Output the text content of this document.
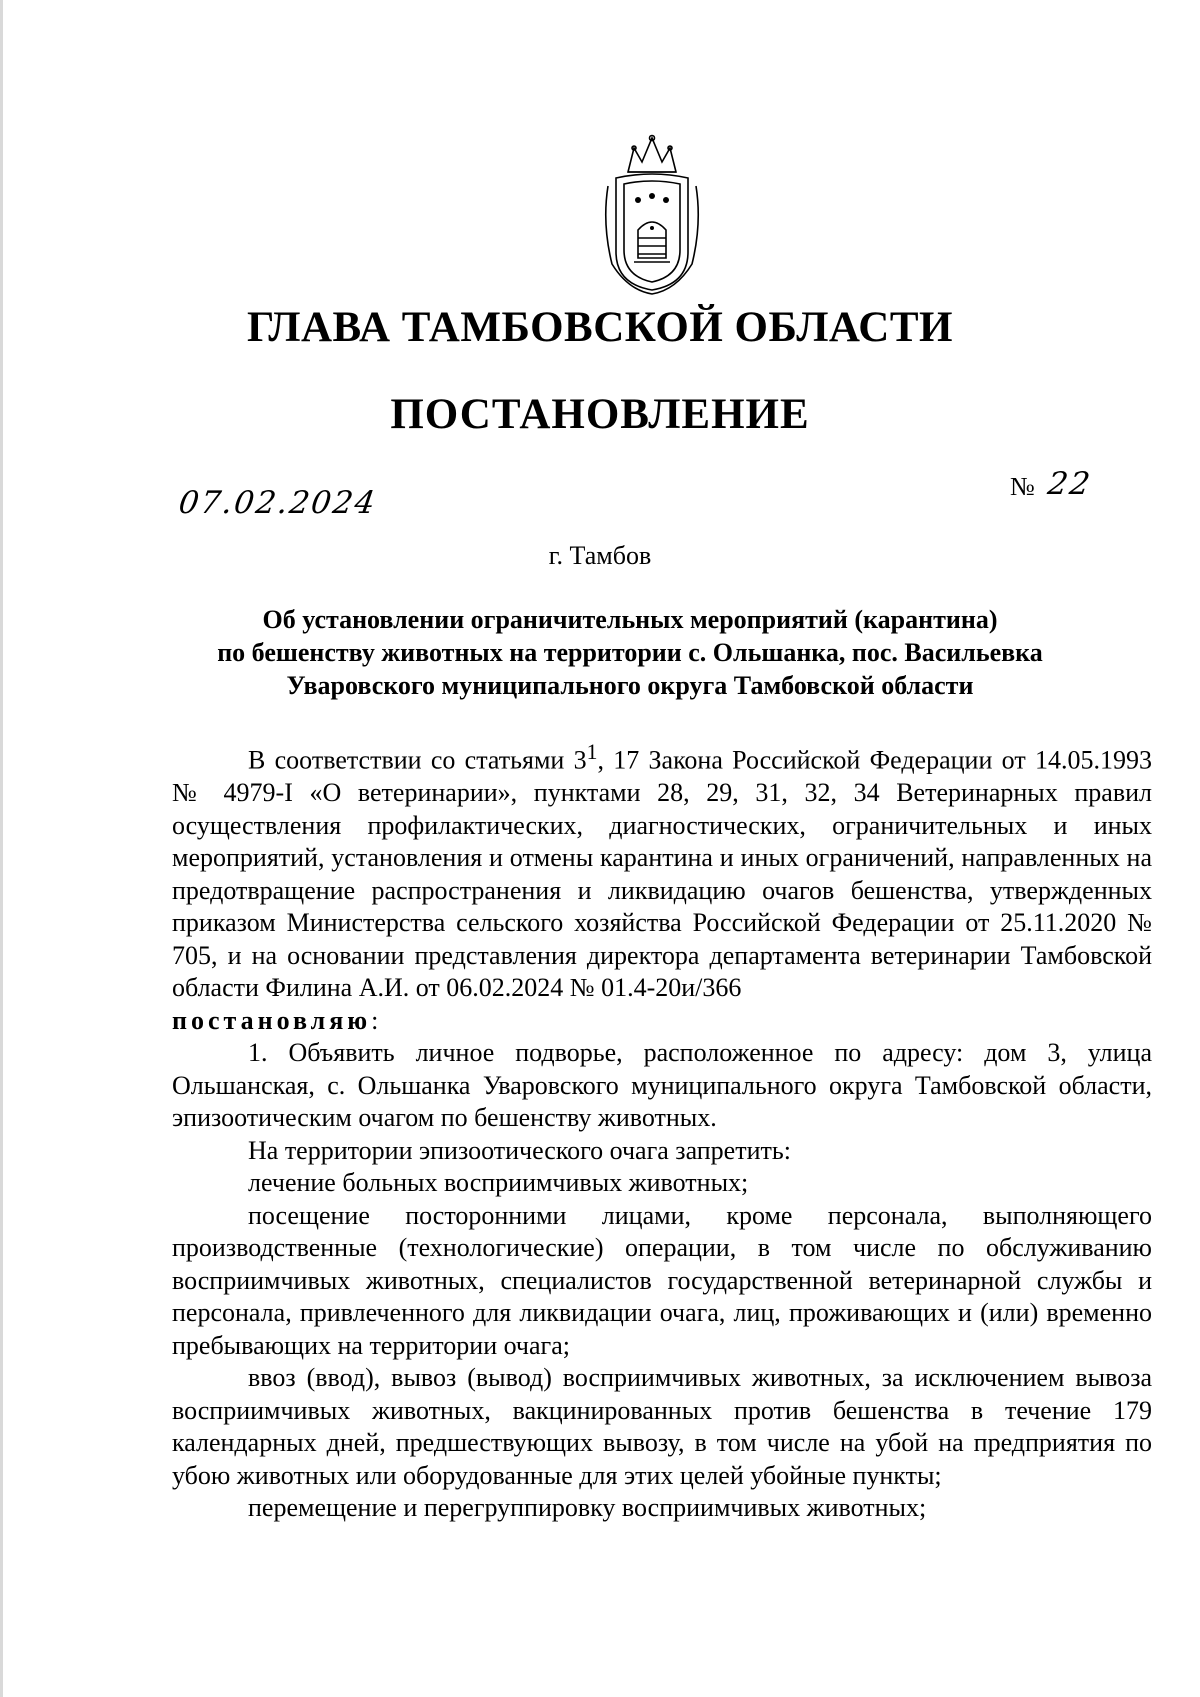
ГЛАВА ТАМБОВСКОЙ ОБЛАСТИ
ПОСТАНОВЛЕНИЕ
07.02.2024	№ 22
г. Тамбов
Об установлении ограничительных мероприятий (карантина)
по бешенству животных на территории с. Ольшанка, пос. Васильевка
Уваровского муниципального округа Тамбовской области

В соответствии со статьями $3^1$, 17 Закона Российской Федерации от 14.05.1993 № 4979-I «О ветеринарии», пунктами 28, 29, 31, 32, 34 Ветеринарных правил осуществления профилактических, диагностических, ограничительных и иных мероприятий, установления и отмены карантина и иных ограничений, направленных на предотвращение распространения и ликвидацию очагов бешенства, утвержденных приказом Министерства сельского хозяйства Российской Федерации от 25.11.2020 № 705, и на основании представления директора департамента ветеринарии Тамбовской области Филина А.И. от 06.02.2024 № 01.4-20и/366

постановляю:

1. Объявить личное подворье, расположенное по адресу: дом 3, улица Ольшанская, с. Ольшанка Уваровского муниципального округа Тамбовской области, эпизоотическим очагом по бешенству животных.

На территории эпизоотического очага запретить:

лечение больных восприимчивых животных;

посещение посторонними лицами, кроме персонала, выполняющего производственные (технологические) операции, в том числе по обслуживанию восприимчивых животных, специалистов государственной ветеринарной службы и персонала, привлеченного для ликвидации очага, лиц, проживающих и (или) временно пребывающих на территории очага;

ввоз (ввод), вывоз (вывод) восприимчивых животных, за исключением вывоза восприимчивых животных, вакцинированных против бешенства в течение 179 календарных дней, предшествующих вывозу, в том числе на убой на предприятия по убою животных или оборудованные для этих целей убойные пункты;

перемещение и перегруппировку восприимчивых животных;
